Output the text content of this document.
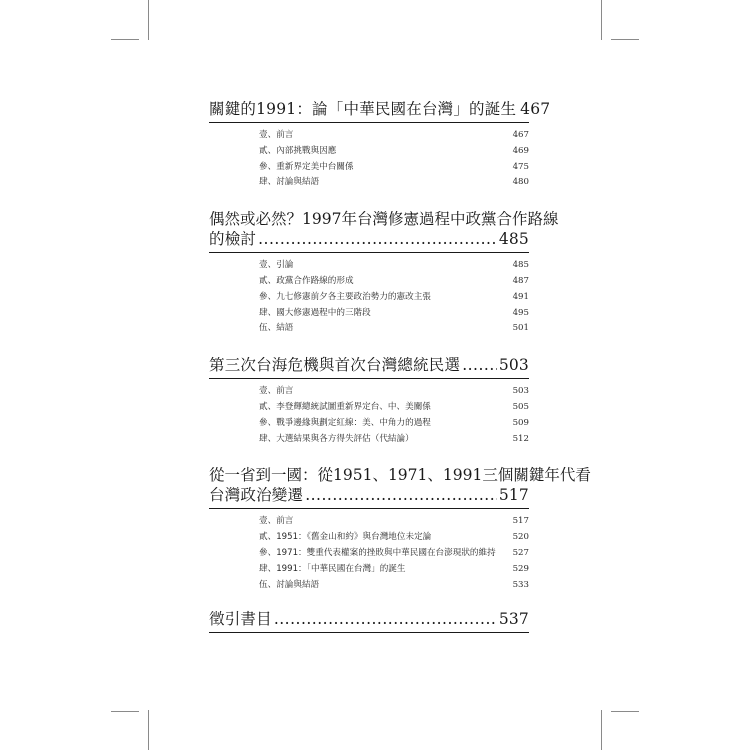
關鍵的1991：論「中華民國在台灣」的誕生 467
壹、前言	467
貳、內部挑戰與因應	469
參、重新界定美中台關係	475
肆、討論與結語	480
偶然或必然？1997年台灣修憲過程中政黨合作路線
的檢討 .....	485
壹、引論	485
貳、政黨合作路線的形成	487
參、九七修憲前夕各主要政治勢力的憲改主張	491
肆、國大修憲過程中的三階段	495
伍、結語	501
第三次台海危機與首次台灣總統民選 ..... 503
壹、前言	503
貳、李登輝總統試圖重新界定台、中、美關係	505
參、戰爭邊緣與劃定紅線：美、中角力的過程	509
肆、大選結果與各方得失評估（代結論）	512
從一省到一國：從1951、1971、1991三個關鍵年代看
台灣政治變遷 .....	517
壹、前言	517
貳、1951：《舊金山和約》與台灣地位未定論	520
參、1971：雙重代表權案的挫敗與中華民國在台澎現狀的維持 527
肆、1991：「中華民國在台灣」的誕生	529
伍、討論與結語	533
徵引書目 .....	537
